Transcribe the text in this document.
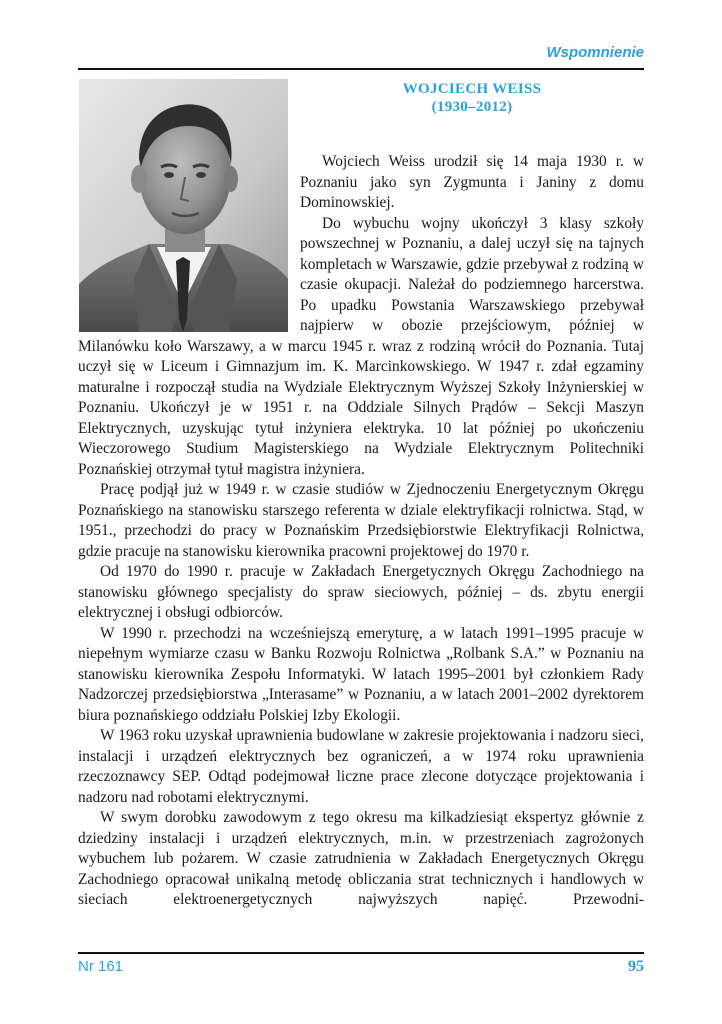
Wspomnienie
WOJCIECH WEISS
(1930–2012)

Wojciech Weiss urodził się 14 maja 1930 r. w Poznaniu jako syn Zygmunta i Janiny z domu Dominowskiej.

Do wybuchu wojny ukończył 3 klasy szkoły powszechnej w Poznaniu, a dalej uczył się na tajnych kompletach w Warszawie, gdzie przebywał z rodziną w czasie okupacji. Należał do podziemnego harcerstwa. Po upadku Powstania Warszawskiego przebywał najpierw w obozie przejściowym, później w Milanówku koło Warszawy, a w marcu 1945 r. wraz z rodziną wrócił do Poznania. Tutaj uczył się w Liceum i Gimnazjum im. K. Marcinkowskiego. W 1947 r. zdał egzaminy maturalne i rozpoczął studia na Wydziale Elektrycznym Wyższej Szkoły Inżynierskiej w Poznaniu. Ukończył je w 1951 r. na Oddziale Silnych Prądów – Sekcji Maszyn Elektrycznych, uzyskując tytuł inżyniera elektryka. 10 lat później po ukończeniu Wieczorowego Studium Magisterskiego na Wydziale Elektrycznym Politechniki Poznańskiej otrzymał tytuł magistra inżyniera.

Pracę podjął już w 1949 r. w czasie studiów w Zjednoczeniu Energetycznym Okręgu Poznańskiego na stanowisku starszego referenta w dziale elektryfikacji rolnictwa. Stąd, w 1951., przechodzi do pracy w Poznańskim Przedsiębiorstwie Elektryfikacji Rolnictwa, gdzie pracuje na stanowisku kierownika pracowni projektowej do 1970 r.

Od 1970 do 1990 r. pracuje w Zakładach Energetycznych Okręgu Zachodniego na stanowisku głównego specjalisty do spraw sieciowych, później – ds. zbytu energii elektrycznej i obsługi odbiorców.

W 1990 r. przechodzi na wcześniejszą emeryturę, a w latach 1991–1995 pracuje w niepełnym wymiarze czasu w Banku Rozwoju Rolnictwa „Rolbank S.A.” w Poznaniu na stanowisku kierownika Zespołu Informatyki. W latach 1995–2001 był członkiem Rady Nadzorczej przedsiębiorstwa „Interasame” w Poznaniu, a w latach 2001–2002 dyrektorem biura poznańskiego oddziału Polskiej Izby Ekologii.

W 1963 roku uzyskał uprawnienia budowlane w zakresie projektowania i nadzoru sieci, instalacji i urządzeń elektrycznych bez ograniczeń, a w 1974 roku uprawnienia rzeczoznawcy SEP. Odtąd podejmował liczne prace zlecone dotyczące projektowania i nadzoru nad robotami elektrycznymi.

W swym dorobku zawodowym z tego okresu ma kilkadziesiąt ekspertyz głównie z dziedziny instalacji i urządzeń elektrycznych, m.in. w przestrzeniach zagrożonych wybuchem lub pożarem. W czasie zatrudnienia w Zakładach Energetycznych Okręgu Zachodniego opracował unikalną metodę obliczania strat technicznych i handlowych w sieciach elektroenergetycznych najwyższych napięć. Przewodni-

Nr 161	95
